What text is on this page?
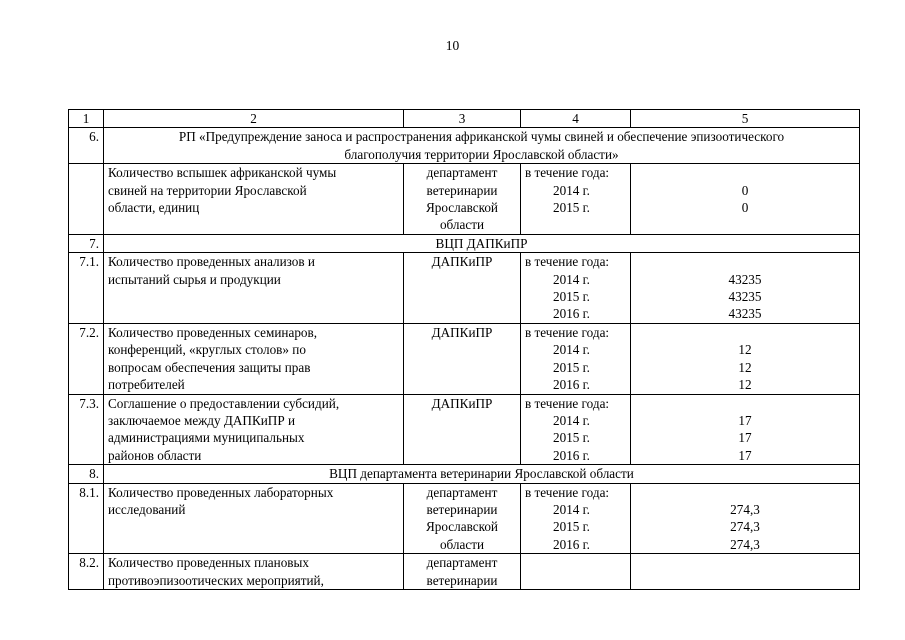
10
1	2	3	4	5

6.	РП «Предупреждение заноса и распространения африканской чумы свиней и обеспечение эпизоотического
благополучия территории Ярославской области»			

	Количество вспышек африканской чумы
свиней на территории Ярославской
области, единиц	департамент
ветеринарии
Ярославской
области	в течение года:
2014 г.
2015 г.	0
0

7.	ВЦП ДАПКиПР			

7.1.	Количество проведенных анализов и
испытаний сырья и продукции	ДАПКиПР	в течение года:
2014 г.
2015 г.
2016 г.	43235
43235
43235

7.2.	Количество проведенных семинаров,
конференций, «круглых столов» по
вопросам обеспечения защиты прав
потребителей	ДАПКиПР	в течение года:
2014 г.
2015 г.
2016 г.	12
12
12

7.3.	Соглашение о предоставлении субсидий,
заключаемое между ДАПКиПР и
администрациями муниципальных
районов области	ДАПКиПР	в течение года:
2014 г.
2015 г.
2016 г.	17
17
17

8.	ВЦП департамента ветеринарии Ярославской области			

8.1.	Количество проведенных лабораторных
исследований	департамент
ветеринарии
Ярославской
области	в течение года:
2014 г.
2015 г.
2016 г.	274,3
274,3
274,3

8.2.	Количество проведенных плановых
противоэпизоотических мероприятий,	департамент
ветеринарии		
